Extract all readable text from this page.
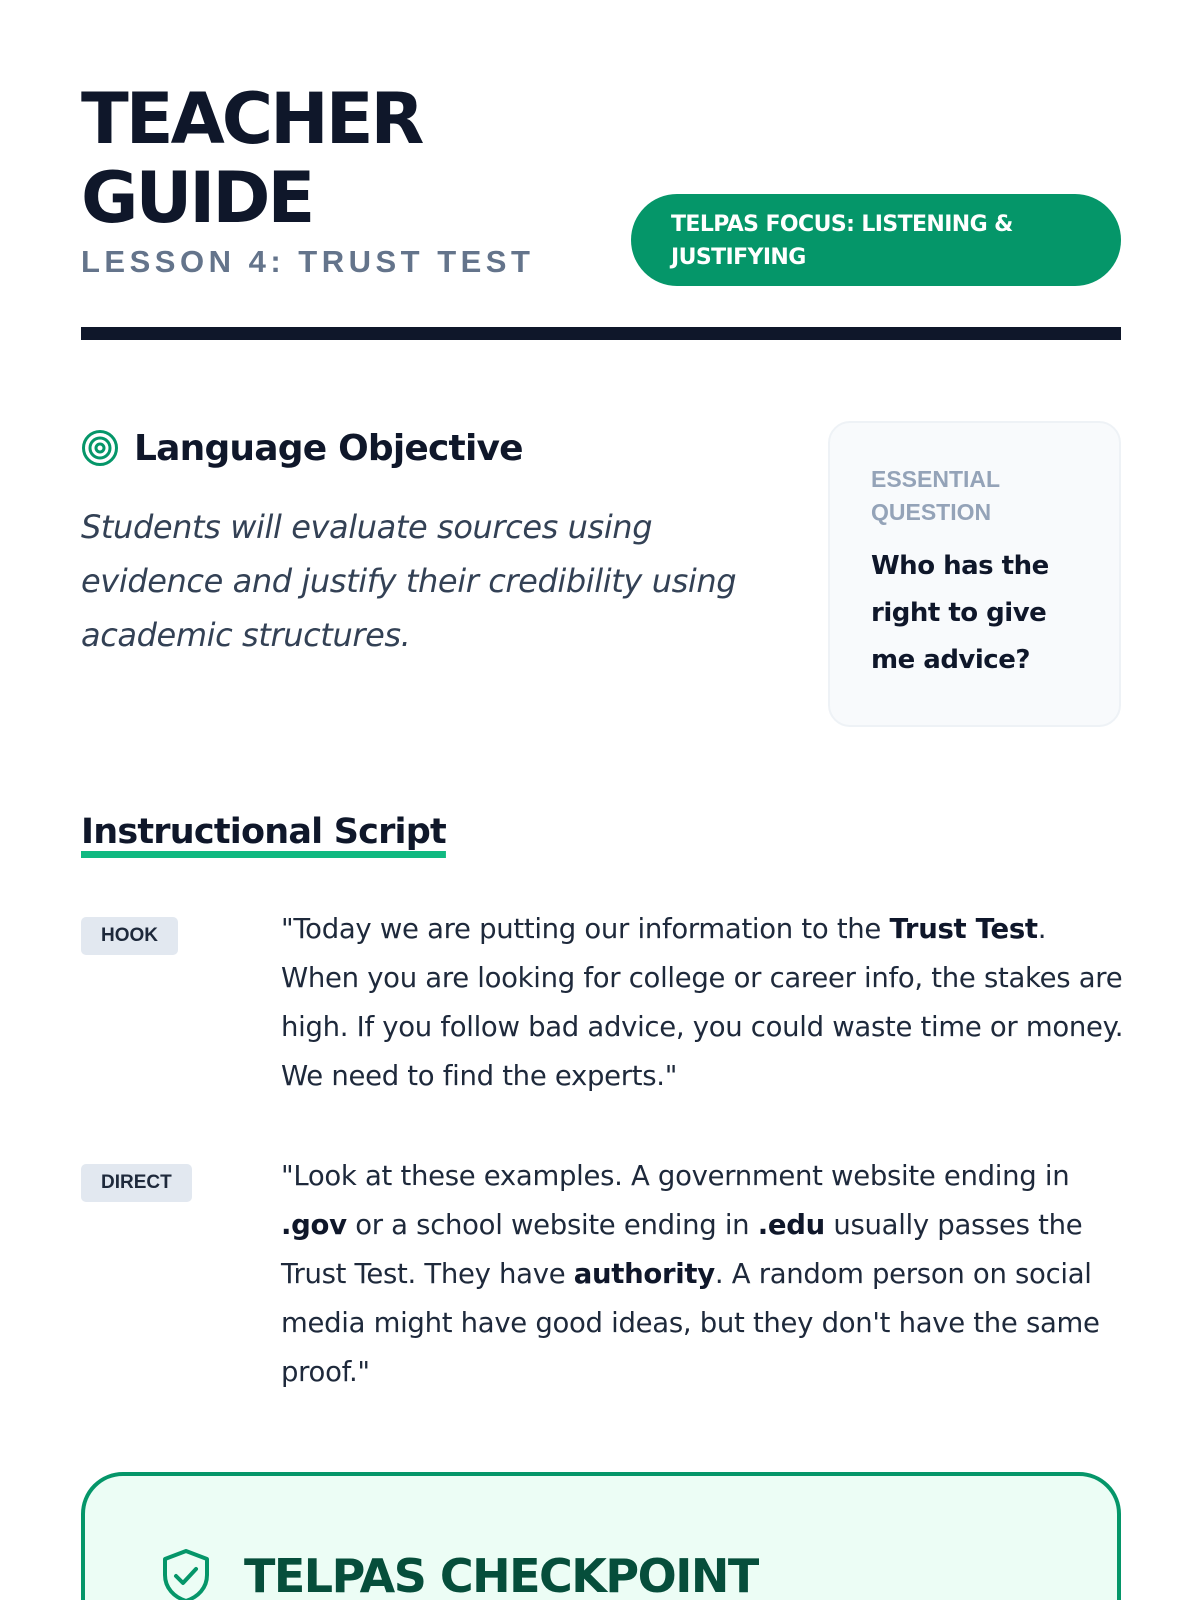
TEACHER
GUIDE
LESSON 4: TRUST TEST
TELPAS FOCUS: LISTENING & JUSTIFYING
Language Objective
Students will evaluate sources using evidence and justify their credibility using academic structures.
ESSENTIAL QUESTION
Who has the right to give me advice?
Instructional Script
HOOK	"Today we are putting our information to the Trust Test. When you are looking for college or career info, the stakes are high. If you follow bad advice, you could waste time or money. We need to find the experts."

DIRECT	"Look at these examples. A government website ending in .gov or a school website ending in .edu usually passes the Trust Test. They have authority. A random person on social media might have good ideas, but they don't have the same proof."

TELPAS CHECKPOINT
